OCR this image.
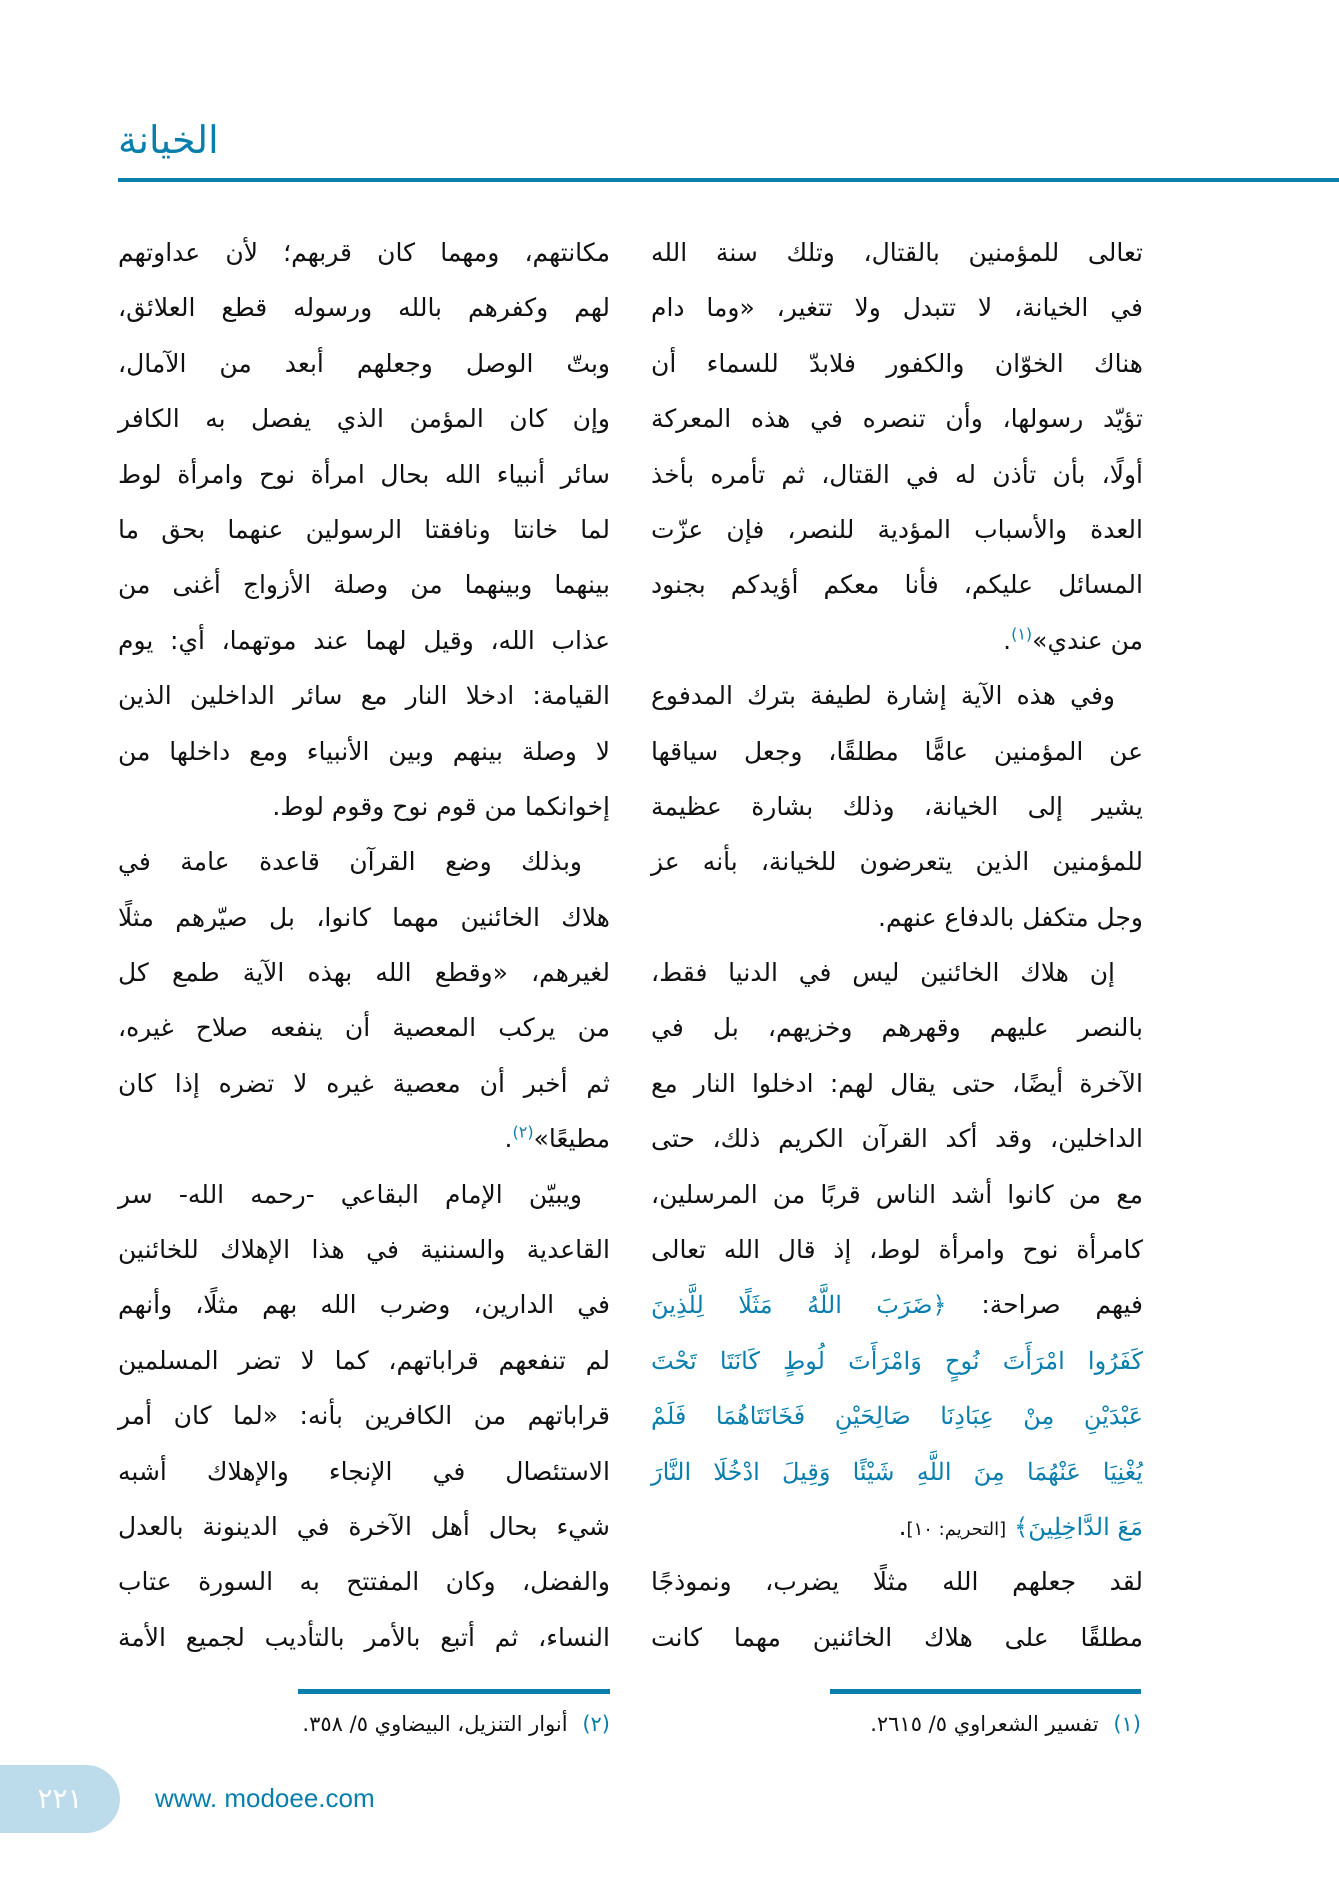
الخيانة
تعالى للمؤمنين بالقتال، وتلك سنة الله
في الخيانة، لا تتبدل ولا تتغير، «وما دام
هناك الخوّان والكفور فلابدّ للسماء أن
تؤيّد رسولها، وأن تنصره في هذه المعركة
أولًا، بأن تأذن له في القتال، ثم تأمره بأخذ
العدة والأسباب المؤدية للنصر، فإن عزّت
المسائل عليكم، فأنا معكم أؤيدكم بجنود
من عندي»$^{(١)}$.
وفي هذه الآية إشارة لطيفة بترك المدفوع
عن المؤمنين عامًّا مطلقًا، وجعل سياقها
يشير إلى الخيانة، وذلك بشارة عظيمة
للمؤمنين الذين يتعرضون للخيانة، بأنه عز
وجل متكفل بالدفاع عنهم.
إن هلاك الخائنين ليس في الدنيا فقط،
بالنصر عليهم وقهرهم وخزيهم، بل في
الآخرة أيضًا، حتى يقال لهم: ادخلوا النار مع
الداخلين، وقد أكد القرآن الكريم ذلك، حتى
مع من كانوا أشد الناس قربًا من المرسلين،
كامرأة نوح وامرأة لوط، إذ قال الله تعالى
فيهم صراحة: ﴿ضَرَبَ اللَّهُ مَثَلًا لِلَّذِينَ
كَفَرُوا امْرَأَتَ نُوحٍ وَامْرَأَتَ لُوطٍ كَانَتَا تَحْتَ
عَبْدَيْنِ مِنْ عِبَادِنَا صَالِحَيْنِ فَخَانَتَاهُمَا فَلَمْ
يُغْنِيَا عَنْهُمَا مِنَ اللَّهِ شَيْئًا وَقِيلَ ادْخُلَا النَّارَ
مَعَ الدَّاخِلِينَ﴾ [التحريم: ١٠].
لقد جعلهم الله مثلًا يضرب، ونموذجًا
مطلقًا على هلاك الخائنين مهما كانت
مكانتهم، ومهما كان قربهم؛ لأن عداوتهم
لهم وكفرهم بالله ورسوله قطع العلائق،
وبتّ الوصل وجعلهم أبعد من الآمال،
وإن كان المؤمن الذي يفصل به الكافر
سائر أنبياء الله بحال امرأة نوح وامرأة لوط
لما خانتا ونافقتا الرسولين عنهما بحق ما
بينهما وبينهما من وصلة الأزواج أغنى من
عذاب الله، وقيل لهما عند موتهما، أي: يوم
القيامة: ادخلا النار مع سائر الداخلين الذين
لا وصلة بينهم وبين الأنبياء ومع داخلها من
إخوانكما من قوم نوح وقوم لوط.
وبذلك وضع القرآن قاعدة عامة في
هلاك الخائنين مهما كانوا، بل صيّرهم مثلًا
لغيرهم، «وقطع الله بهذه الآية طمع كل
من يركب المعصية أن ينفعه صلاح غيره،
ثم أخبر أن معصية غيره لا تضره إذا كان
مطيعًا»$^{(٢)}$.
ويبيّن الإمام البقاعي -رحمه الله- سر
القاعدية والسننية في هذا الإهلاك للخائنين
في الدارين، وضرب الله بهم مثلًا، وأنهم
لم تنفعهم قراباتهم، كما لا تضر المسلمين
قراباتهم من الكافرين بأنه: «لما كان أمر
الاستئصال في الإنجاء والإهلاك أشبه
شيء بحال أهل الآخرة في الدينونة بالعدل
والفضل، وكان المفتتح به السورة عتاب
النساء، ثم أتبع بالأمر بالتأديب لجميع الأمة
(١) تفسير الشعراوي ٥/ ٢٦١٥.
(٢) أنوار التنزيل، البيضاوي ٥/ ٣٥٨.
٢٢١	www. modoee.com
